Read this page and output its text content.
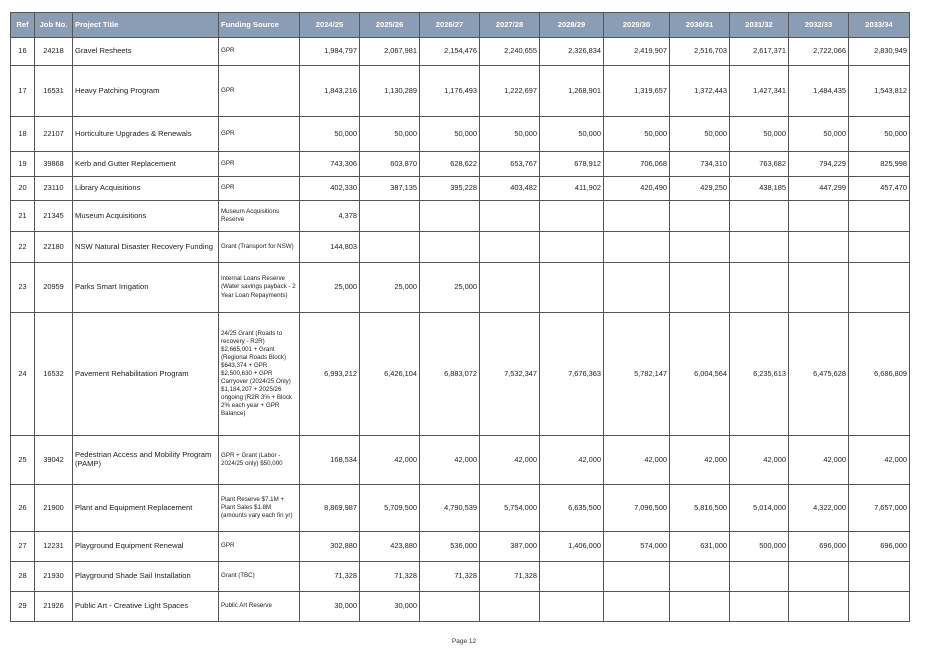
Ref	Job No.	Project Title	Funding Source	2024/25	2025/26	2026/27	2027/28	2028/29	2029/30	2030/31	2031/32	2032/33	2033/34
16	24218	Gravel Resheets	GPR	1,984,797	2,067,981	2,154,476	2,240,655	2,326,834	2,419,907	2,516,703	2,617,371	2,722,066	2,830,949
17	16531	Heavy Patching Program	GPR	1,843,216	1,130,289	1,176,493	1,222,697	1,268,901	1,319,657	1,372,443	1,427,341	1,484,435	1,543,812
18	22107	Horticulture Upgrades & Renewals	GPR	50,000	50,000	50,000	50,000	50,000	50,000	50,000	50,000	50,000	50,000
19	39868	Kerb and Gutter Replacement	GPR	743,306	603,870	628,622	653,767	678,912	706,068	734,310	763,682	794,229	825,998
20	23110	Library Acquisitions	GPR	402,330	387,135	395,228	403,482	411,902	420,490	429,250	438,185	447,299	457,470
21	21345	Museum Acquisitions	Museum Acquisitions Reserve	4,378									
22	22180	NSW Natural Disaster Recovery Funding	Grant (Transport for NSW)	144,803									
23	20959	Parks Smart Irrigation	Internal Loans Reserve (Water savings payback - 2 Year Loan Repayments)	25,000	25,000	25,000							
24	16532	Pavement Rehabilitation Program	24/25 Grant (Roads to recovery - R2R) $2,665,001 + Grant (Regional Roads Block) $643,374 + GPR $2,500,630 + GPR Carryover (2024/25 Only) $1,184,207 + 2025/26 ongoing (R2R 3% + Block 2% each year + GPR Balance)	6,993,212	6,426,104	6,883,072	7,532,347	7,676,363	5,782,147	6,004,564	6,235,613	6,475,628	6,686,809
25	39042	Pedestrian Access and Mobility Program (PAMP)	GPR + Grant (Labor - 2024/25 only) $50,000	168,534	42,000	42,000	42,000	42,000	42,000	42,000	42,000	42,000	42,000
26	21900	Plant and Equipment Replacement	Plant Reserve $7.1M + Plant Sales $1.8M (amounts vary each fin yr)	8,869,987	5,709,500	4,790,539	5,754,000	6,635,500	7,096,500	5,816,500	5,014,000	4,322,000	7,657,000
27	12231	Playground Equipment Renewal	GPR	302,880	423,880	536,000	387,000	1,406,000	574,000	631,000	500,000	696,000	696,000
28	21930	Playground Shade Sail Installation	Grant (TBC)	71,328	71,328	71,328	71,328						
29	21926	Public Art - Creative Light Spaces	Public Art Reserve	30,000	30,000								
Page 12
